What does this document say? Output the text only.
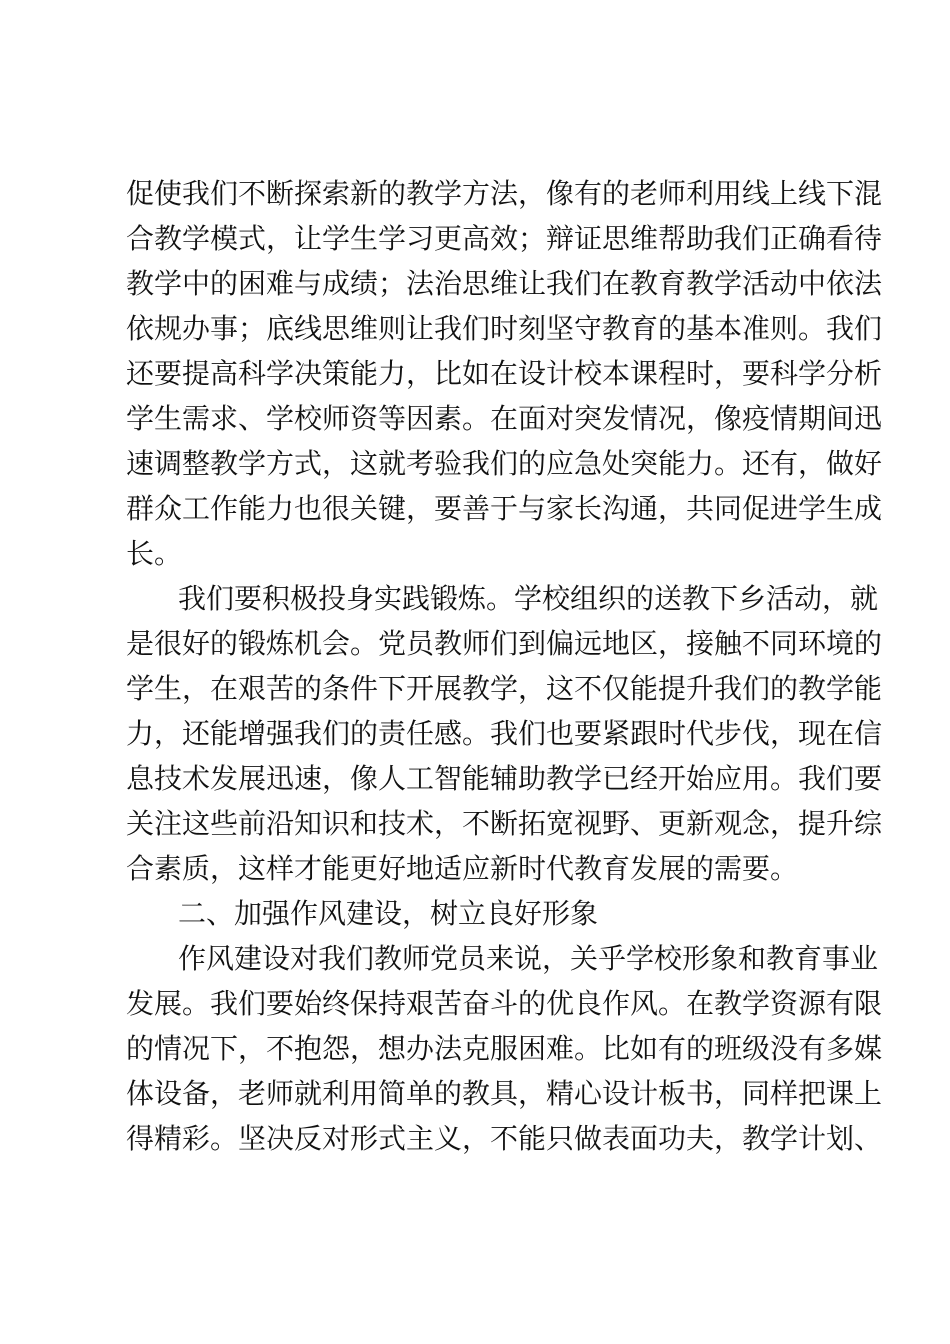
促使我们不断探索新的教学方法，像有的老师利用线上线下混
合教学模式，让学生学习更高效；辩证思维帮助我们正确看待
教学中的困难与成绩；法治思维让我们在教育教学活动中依法
依规办事；底线思维则让我们时刻坚守教育的基本准则。我们
还要提高科学决策能力，比如在设计校本课程时，要科学分析
学生需求、学校师资等因素。在面对突发情况，像疫情期间迅
速调整教学方式，这就考验我们的应急处突能力。还有，做好
群众工作能力也很关键，要善于与家长沟通，共同促进学生成
长。
我们要积极投身实践锻炼。学校组织的送教下乡活动，就
是很好的锻炼机会。党员教师们到偏远地区，接触不同环境的
学生，在艰苦的条件下开展教学，这不仅能提升我们的教学能
力，还能增强我们的责任感。我们也要紧跟时代步伐，现在信
息技术发展迅速，像人工智能辅助教学已经开始应用。我们要
关注这些前沿知识和技术，不断拓宽视野、更新观念，提升综
合素质，这样才能更好地适应新时代教育发展的需要。
二、加强作风建设，树立良好形象
作风建设对我们教师党员来说，关乎学校形象和教育事业
发展。我们要始终保持艰苦奋斗的优良作风。在教学资源有限
的情况下，不抱怨，想办法克服困难。比如有的班级没有多媒
体设备，老师就利用简单的教具，精心设计板书，同样把课上
得精彩。坚决反对形式主义，不能只做表面功夫，教学计划、
